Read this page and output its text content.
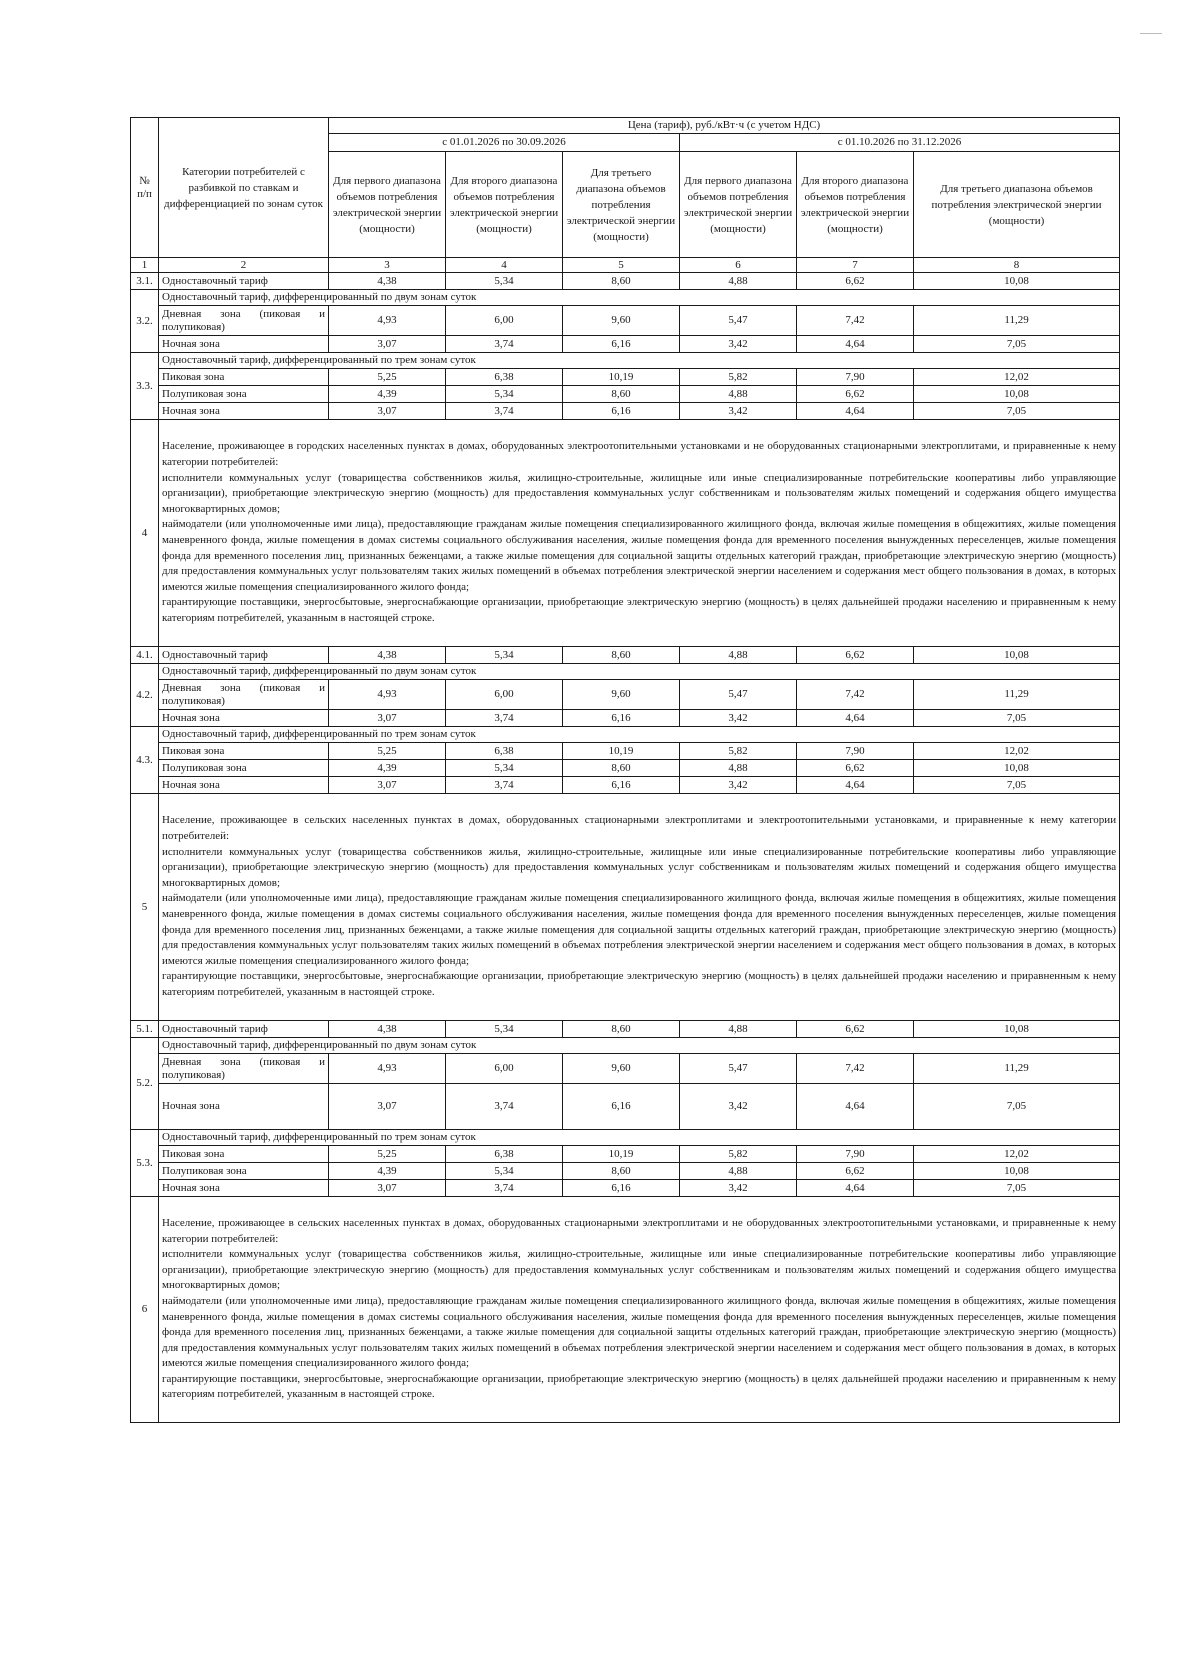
№ п/п	Категории потребителей с разбивкой по ставкам и дифференциацией по зонам суток	Цена (тариф), руб./кВт·ч (с учетом НДС)					
		с 01.01.2026 по 30.09.2026			с 01.10.2026 по 31.12.2026		
		Для первого диапазона объемов потребления электрической энергии (мощности)	Для второго диапазона объемов потребления электрической энергии (мощности)	Для третьего диапазона объемов потребления электрической энергии (мощности)	Для первого диапазона объемов потребления электрической энергии (мощности)	Для второго диапазона объемов потребления электрической энергии (мощности)	Для третьего диапазона объемов потребления электрической энергии (мощности)
1	2	3	4	5	6	7	8
3.1.	Одноставочный тариф	4,38	5,34	8,60	4,88	6,62	10,08
3.2.	Одноставочный тариф, дифференцированный по двум зонам суток						
	Дневная зона (пиковая и полупиковая)	4,93	6,00	9,60	5,47	7,42	11,29
	Ночная зона	3,07	3,74	6,16	3,42	4,64	7,05
3.3.	Одноставочный тариф, дифференцированный по трем зонам суток						
	Пиковая зона	5,25	6,38	10,19	5,82	7,90	12,02
	Полупиковая зона	4,39	5,34	8,60	4,88	6,62	10,08
	Ночная зона	3,07	3,74	6,16	3,42	4,64	7,05
4	Население, проживающее в городских населенных пунктах в домах, оборудованных электроотопительными установками и не оборудованных стационарными электроплитами, и приравненные к нему категории потребителей:

исполнители коммунальных услуг (товарищества собственников жилья, жилищно-строительные, жилищные или иные специализированные потребительские кооперативы либо управляющие организации), приобретающие электрическую энергию (мощность) для предоставления коммунальных услуг собственникам и пользователям жилых помещений и содержания общего имущества многоквартирных домов;

наймодатели (или уполномоченные ими лица), предоставляющие гражданам жилые помещения специализированного жилищного фонда, включая жилые помещения в общежитиях, жилые помещения маневренного фонда, жилые помещения в домах системы социального обслуживания населения, жилые помещения фонда для временного поселения вынужденных переселенцев, жилые помещения фонда для временного поселения лиц, признанных беженцами, а также жилые помещения для социальной защиты отдельных категорий граждан, приобретающие электрическую энергию (мощность) для предоставления коммунальных услуг пользователям таких жилых помещений в объемах потребления электрической энергии населением и содержания мест общего пользования в домах, в которых имеются жилые помещения специализированного жилого фонда;

гарантирующие поставщики, энергосбытовые, энергоснабжающие организации, приобретающие электрическую энергию (мощность) в целях дальнейшей продажи населению и приравненным к нему категориям потребителей, указанным в настоящей строке.						

4.1.	Одноставочный тариф	4,38	5,34	8,60	4,88	6,62	10,08
4.2.	Одноставочный тариф, дифференцированный по двум зонам суток						
	Дневная зона (пиковая и полупиковая)	4,93	6,00	9,60	5,47	7,42	11,29
	Ночная зона	3,07	3,74	6,16	3,42	4,64	7,05
4.3.	Одноставочный тариф, дифференцированный по трем зонам суток						
	Пиковая зона	5,25	6,38	10,19	5,82	7,90	12,02
	Полупиковая зона	4,39	5,34	8,60	4,88	6,62	10,08
	Ночная зона	3,07	3,74	6,16	3,42	4,64	7,05
5	Население, проживающее в сельских населенных пунктах в домах, оборудованных стационарными электроплитами и электроотопительными установками, и приравненные к нему категории потребителей:

исполнители коммунальных услуг (товарищества собственников жилья, жилищно-строительные, жилищные или иные специализированные потребительские кооперативы либо управляющие организации), приобретающие электрическую энергию (мощность) для предоставления коммунальных услуг собственникам и пользователям жилых помещений и содержания общего имущества многоквартирных домов;

наймодатели (или уполномоченные ими лица), предоставляющие гражданам жилые помещения специализированного жилищного фонда, включая жилые помещения в общежитиях, жилые помещения маневренного фонда, жилые помещения в домах системы социального обслуживания населения, жилые помещения фонда для временного поселения вынужденных переселенцев, жилые помещения фонда для временного поселения лиц, признанных беженцами, а также жилые помещения для социальной защиты отдельных категорий граждан, приобретающие электрическую энергию (мощность) для предоставления коммунальных услуг пользователям таких жилых помещений в объемах потребления электрической энергии населением и содержания мест общего пользования в домах, в которых имеются жилые помещения специализированного жилого фонда;

гарантирующие поставщики, энергосбытовые, энергоснабжающие организации, приобретающие электрическую энергию (мощность) в целях дальнейшей продажи населению и приравненным к нему категориям потребителей, указанным в настоящей строке.						

5.1.	Одноставочный тариф	4,38	5,34	8,60	4,88	6,62	10,08
5.2.	Одноставочный тариф, дифференцированный по двум зонам суток						
	Дневная зона (пиковая и полупиковая)	4,93	6,00	9,60	5,47	7,42	11,29
	Ночная зона	3,07	3,74	6,16	3,42	4,64	7,05
5.3.	Одноставочный тариф, дифференцированный по трем зонам суток						
	Пиковая зона	5,25	6,38	10,19	5,82	7,90	12,02
	Полупиковая зона	4,39	5,34	8,60	4,88	6,62	10,08
	Ночная зона	3,07	3,74	6,16	3,42	4,64	7,05
6	Население, проживающее в сельских населенных пунктах в домах, оборудованных стационарными электроплитами и не оборудованных электроотопительными установками, и приравненные к нему категории потребителей:

исполнители коммунальных услуг (товарищества собственников жилья, жилищно-строительные, жилищные или иные специализированные потребительские кооперативы либо управляющие организации), приобретающие электрическую энергию (мощность) для предоставления коммунальных услуг собственникам и пользователям жилых помещений и содержания общего имущества многоквартирных домов;

наймодатели (или уполномоченные ими лица), предоставляющие гражданам жилые помещения специализированного жилищного фонда, включая жилые помещения в общежитиях, жилые помещения маневренного фонда, жилые помещения в домах системы социального обслуживания населения, жилые помещения фонда для временного поселения вынужденных переселенцев, жилые помещения фонда для временного поселения лиц, признанных беженцами, а также жилые помещения для социальной защиты отдельных категорий граждан, приобретающие электрическую энергию (мощность) для предоставления коммунальных услуг пользователям таких жилых помещений в объемах потребления электрической энергии населением и содержания мест общего пользования в домах, в которых имеются жилые помещения специализированного жилого фонда;

гарантирующие поставщики, энергосбытовые, энергоснабжающие организации, приобретающие электрическую энергию (мощность) в целях дальнейшей продажи населению и приравненным к нему категориям потребителей, указанным в настоящей строке.						
